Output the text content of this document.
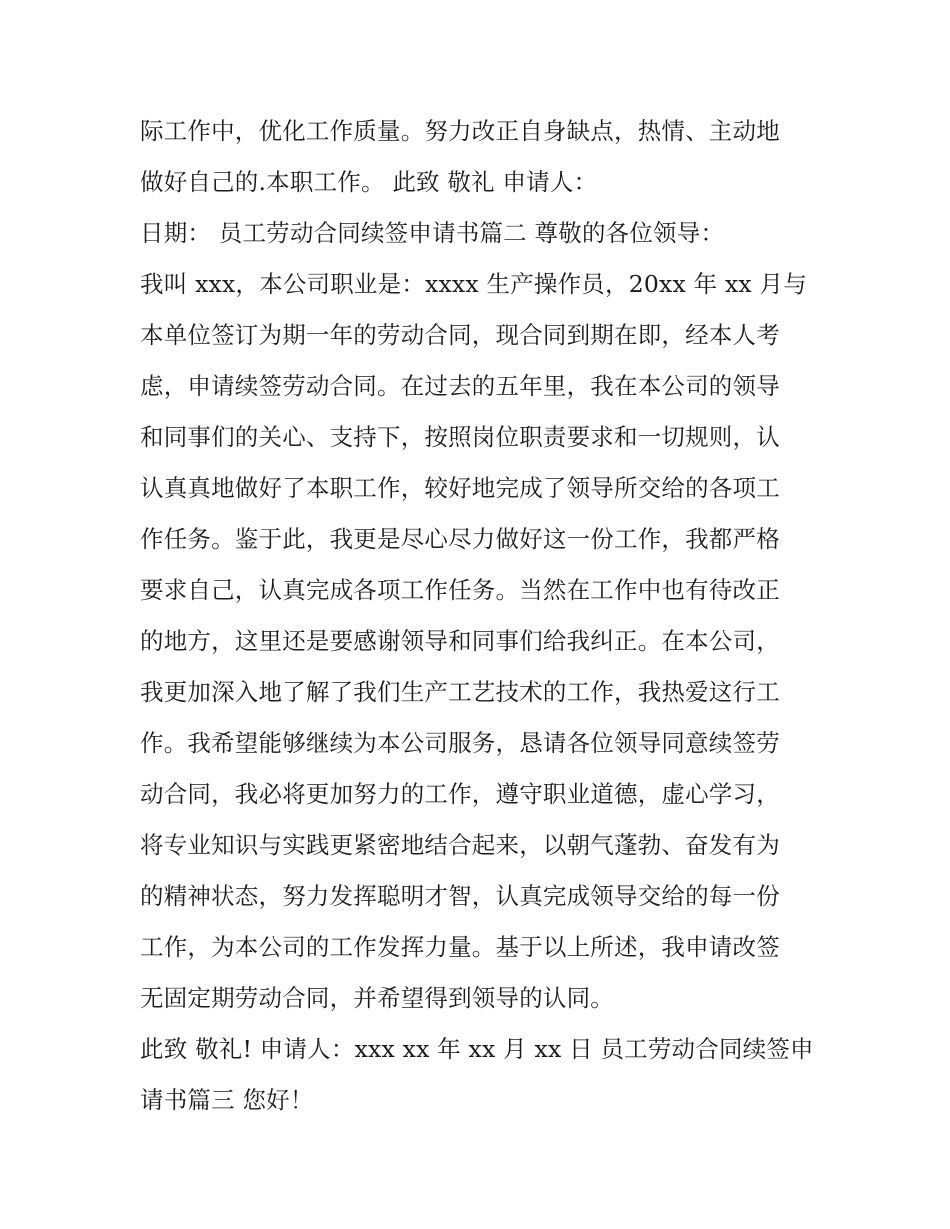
际工作中，优化工作质量。努力改正自身缺点，热情、主动地
做好自己的.本职工作。 此致 敬礼 申请人：
日期： 员工劳动合同续签申请书篇二 尊敬的各位领导：
我叫 xxx，本公司职业是：xxxx 生产操作员，20xx 年 xx 月与
本单位签订为期一年的劳动合同，现合同到期在即，经本人考
虑，申请续签劳动合同。在过去的五年里，我在本公司的领导
和同事们的关心、支持下，按照岗位职责要求和一切规则，认
认真真地做好了本职工作，较好地完成了领导所交给的各项工
作任务。鉴于此，我更是尽心尽力做好这一份工作，我都严格
要求自己，认真完成各项工作任务。当然在工作中也有待改正
的地方，这里还是要感谢领导和同事们给我纠正。在本公司，
我更加深入地了解了我们生产工艺技术的工作，我热爱这行工
作。我希望能够继续为本公司服务，恳请各位领导同意续签劳
动合同，我必将更加努力的工作，遵守职业道德，虚心学习，
将专业知识与实践更紧密地结合起来，以朝气蓬勃、奋发有为
的精神状态，努力发挥聪明才智，认真完成领导交给的每一份
工作，为本公司的工作发挥力量。基于以上所述，我申请改签
无固定期劳动合同，并希望得到领导的认同。
此致 敬礼! 申请人：xxx xx 年 xx 月 xx 日 员工劳动合同续签申
请书篇三 您好！
